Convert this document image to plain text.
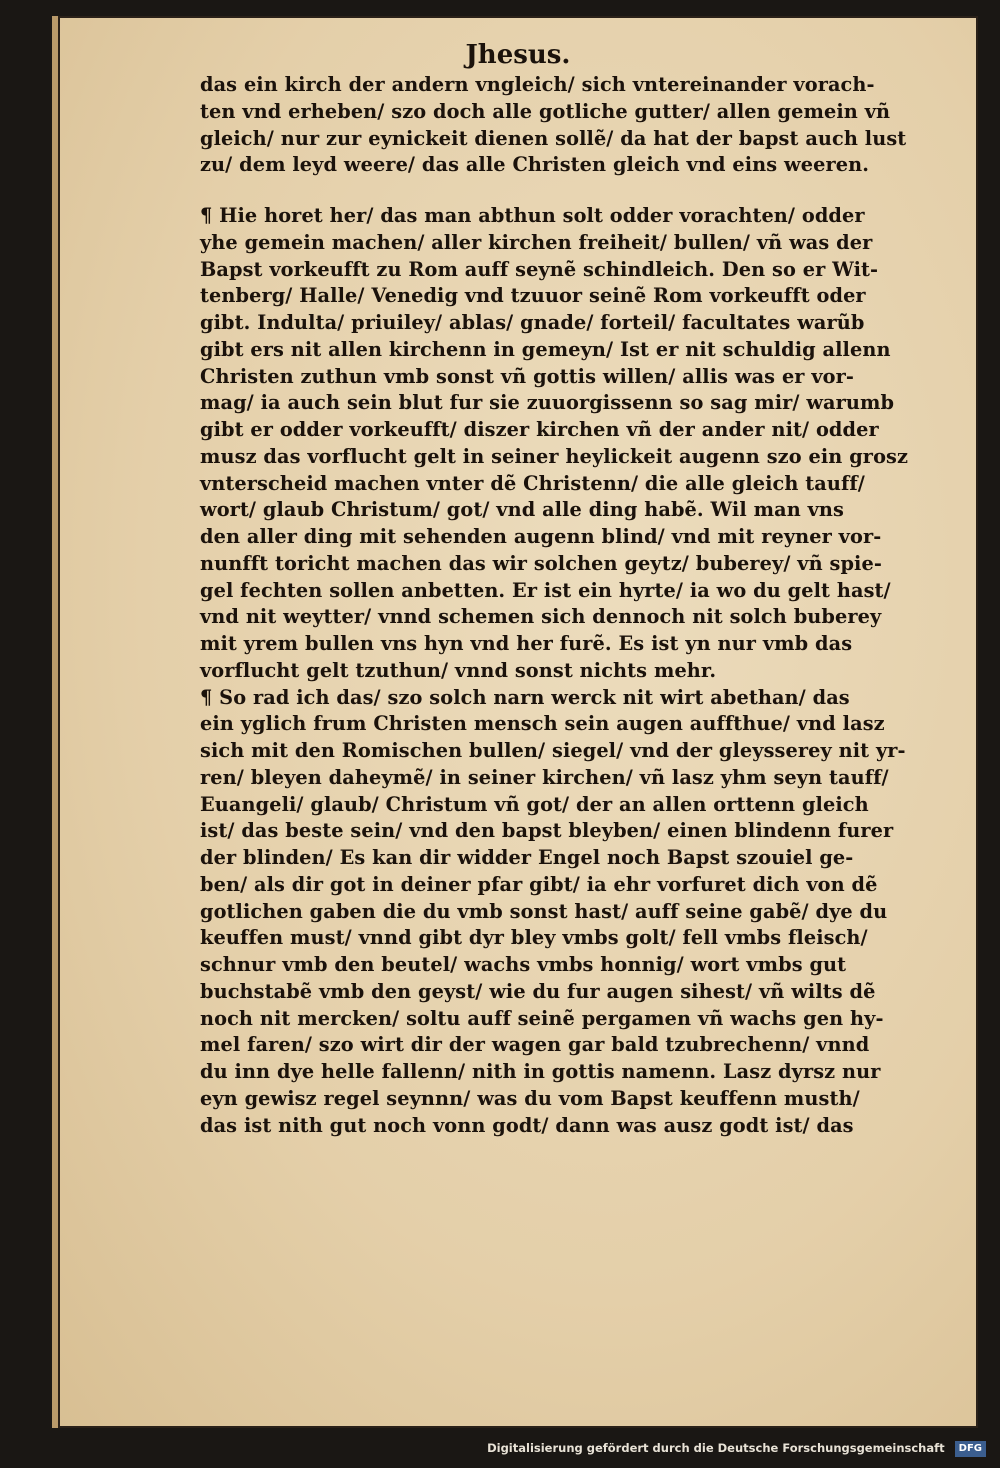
Jhesus.
das ein kirch der andern vngleich/ sich vntereinander vorach-
ten vnd erheben/ szo doch alle gotliche gutter/ allen gemein vñ
gleich/ nur zur eynickeit dienen sollẽ/ da hat der bapst auch lust
zu/ dem leyd weere/ das alle Christen gleich vnd eins weeren.
¶ Hie horet her/ das man abthun solt odder vorachten/ odder
yhe gemein machen/ aller kirchen freiheit/ bullen/ vñ was der
Bapst vorkeufft zu Rom auff seynẽ schindleich. Den so er Wit-
tenberg/ Halle/ Venedig vnd tzuuor seinẽ Rom vorkeufft oder
gibt. Indulta/ priuiley/ ablas/ gnade/ forteil/ facultates warũb
gibt ers nit allen kirchenn in gemeyn/ Ist er nit schuldig allenn
Christen zuthun vmb sonst vñ gottis willen/ allis was er vor-
mag/ ia auch sein blut fur sie zuuorgissenn so sag mir/ warumb
gibt er odder vorkeufft/ diszer kirchen vñ der ander nit/ odder
musz das vorflucht gelt in seiner heylickeit augenn szo ein grosz
vnterscheid machen vnter dẽ Christenn/ die alle gleich tauff/
wort/ glaub Christum/ got/ vnd alle ding habẽ. Wil man vns
den aller ding mit sehenden augenn blind/ vnd mit reyner vor-
nunfft toricht machen das wir solchen geytz/ buberey/ vñ spie-
gel fechten sollen anbetten. Er ist ein hyrte/ ia wo du gelt hast/
vnd nit weytter/ vnnd schemen sich dennoch nit solch buberey
mit yrem bullen vns hyn vnd her furẽ. Es ist yn nur vmb das
vorflucht gelt tzuthun/ vnnd sonst nichts mehr.
¶ So rad ich das/ szo solch narn werck nit wirt abethan/ das
ein yglich frum Christen mensch sein augen auffthue/ vnd lasz
sich mit den Romischen bullen/ siegel/ vnd der gleysserey nit yr-
ren/ bleyen daheymẽ/ in seiner kirchen/ vñ lasz yhm seyn tauff/
Euangeli/ glaub/ Christum vñ got/ der an allen orttenn gleich
ist/ das beste sein/ vnd den bapst bleyben/ einen blindenn furer
der blinden/ Es kan dir widder Engel noch Bapst szouiel ge-
ben/ als dir got in deiner pfar gibt/ ia ehr vorfuret dich von dẽ
gotlichen gaben die du vmb sonst hast/ auff seine gabẽ/ dye du
keuffen must/ vnnd gibt dyr bley vmbs golt/ fell vmbs fleisch/
schnur vmb den beutel/ wachs vmbs honnig/ wort vmbs gut
buchstabẽ vmb den geyst/ wie du fur augen sihest/ vñ wilts dẽ
noch nit mercken/ soltu auff seinẽ pergamen vñ wachs gen hy-
mel faren/ szo wirt dir der wagen gar bald tzubrechenn/ vnnd
du inn dye helle fallenn/ nith in gottis namenn. Lasz dyrsz nur
eyn gewisz regel seynnn/ was du vom Bapst keuffenn musth/
das ist nith gut noch vonn godt/ dann was ausz godt ist/ das
Digitalisierung gefördert durch die Deutsche Forschungsgemeinschaft DFG
